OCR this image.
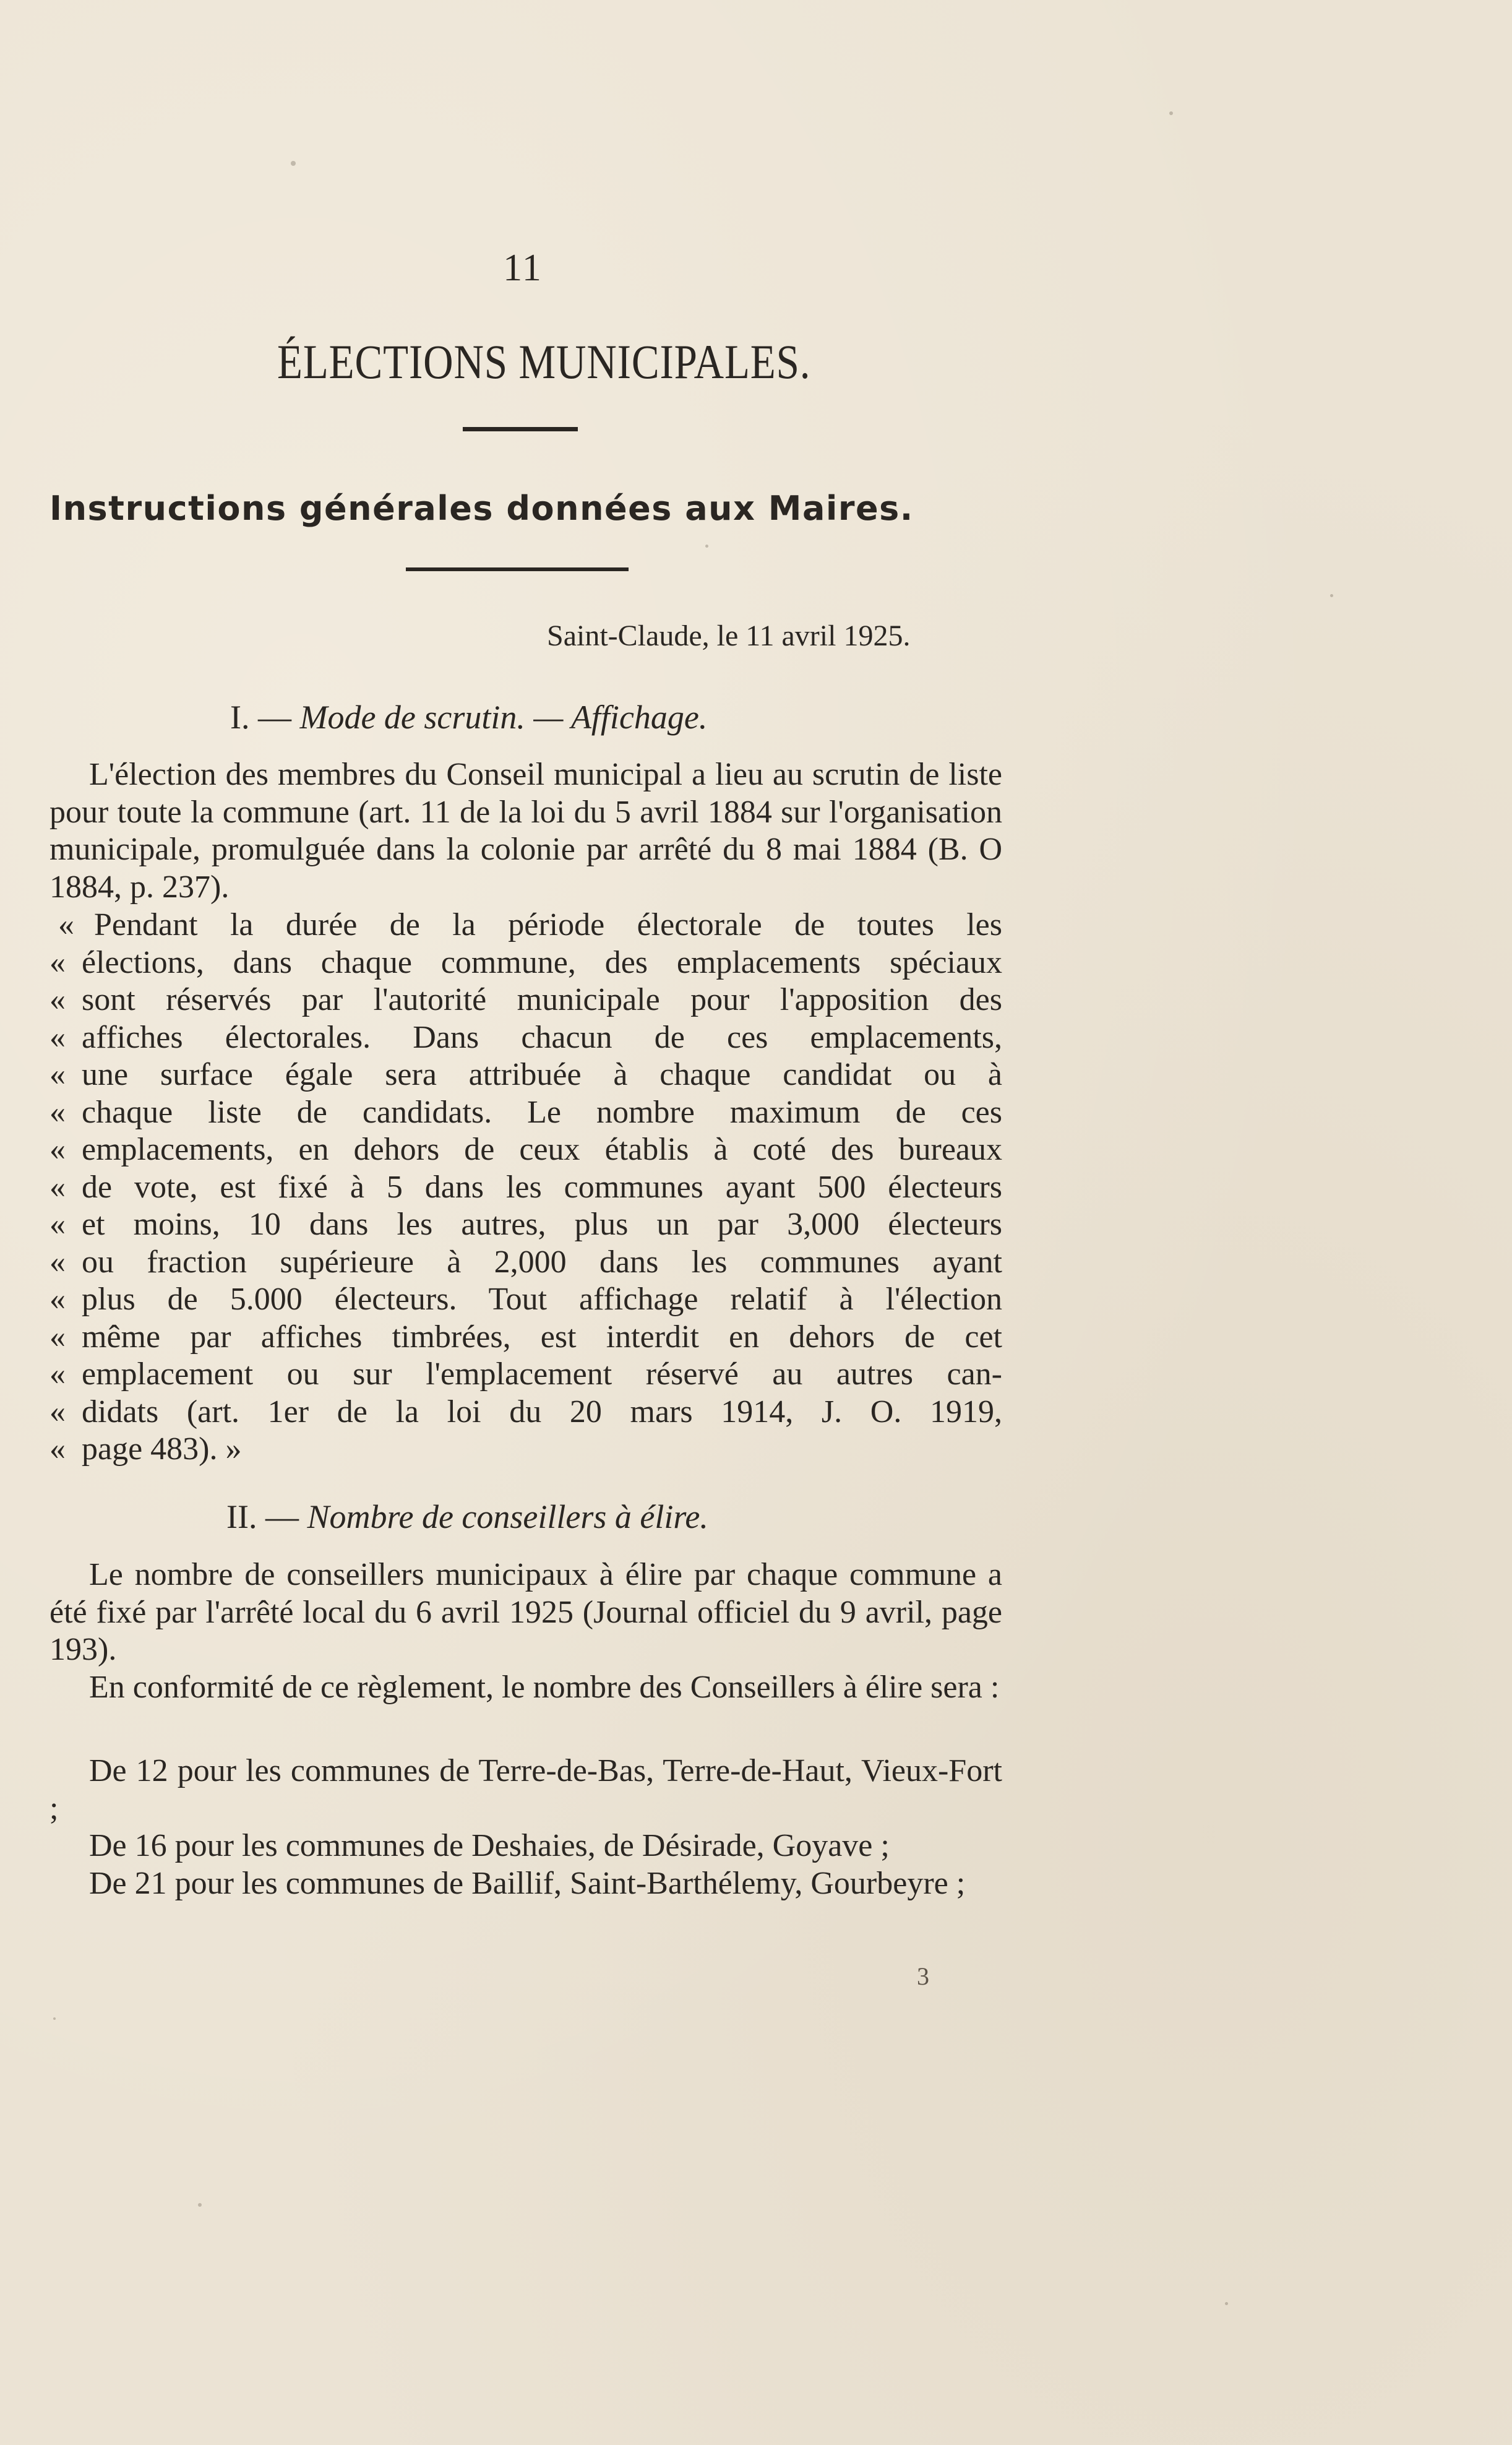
11
ÉLECTIONS MUNICIPALES.
Instructions générales données aux Maires.
Saint-Claude, le 11 avril 1925.
I. — Mode de scrutin. — Affichage.

L'élection des membres du Conseil municipal a lieu au scrutin de liste pour toute la commune (art. 11 de la loi du 5 avril 1884 sur l'organisation municipale, promulguée dans la colonie par arrêté du 8 mai 1884 (B. O 1884, p. 237).

« Pendant la durée de la période électorale de toutes les
« élections, dans chaque commune, des emplacements spéciaux
« sont réservés par l'autorité municipale pour l'apposition des
« affiches électorales. Dans chacun de ces emplacements,
« une surface égale sera attribuée à chaque candidat ou à
« chaque liste de candidats. Le nombre maximum de ces
« emplacements, en dehors de ceux établis à coté des bureaux
« de vote, est fixé à 5 dans les communes ayant 500 électeurs
« et moins, 10 dans les autres, plus un par 3,000 électeurs
« ou fraction supérieure à 2,000 dans les communes ayant
« plus de 5.000 électeurs. Tout affichage relatif à l'élection
« même par affiches timbrées, est interdit en dehors de cet
« emplacement ou sur l'emplacement réservé au autres can-
« didats (art. 1er de la loi du 20 mars 1914, J. O. 1919,
« page 483). »
II. — Nombre de conseillers à élire.

Le nombre de conseillers municipaux à élire par chaque commune a été fixé par l'arrêté local du 6 avril 1925 (Journal officiel du 9 avril, page 193).

En conformité de ce règlement, le nombre des Conseillers à élire sera :

De 12 pour les communes de Terre-de-Bas, Terre-de-Haut, Vieux-Fort ;

De 16 pour les communes de Deshaies, de Désirade, Goyave ;

De 21 pour les communes de Baillif, Saint-Barthélemy, Gourbeyre ;

3
